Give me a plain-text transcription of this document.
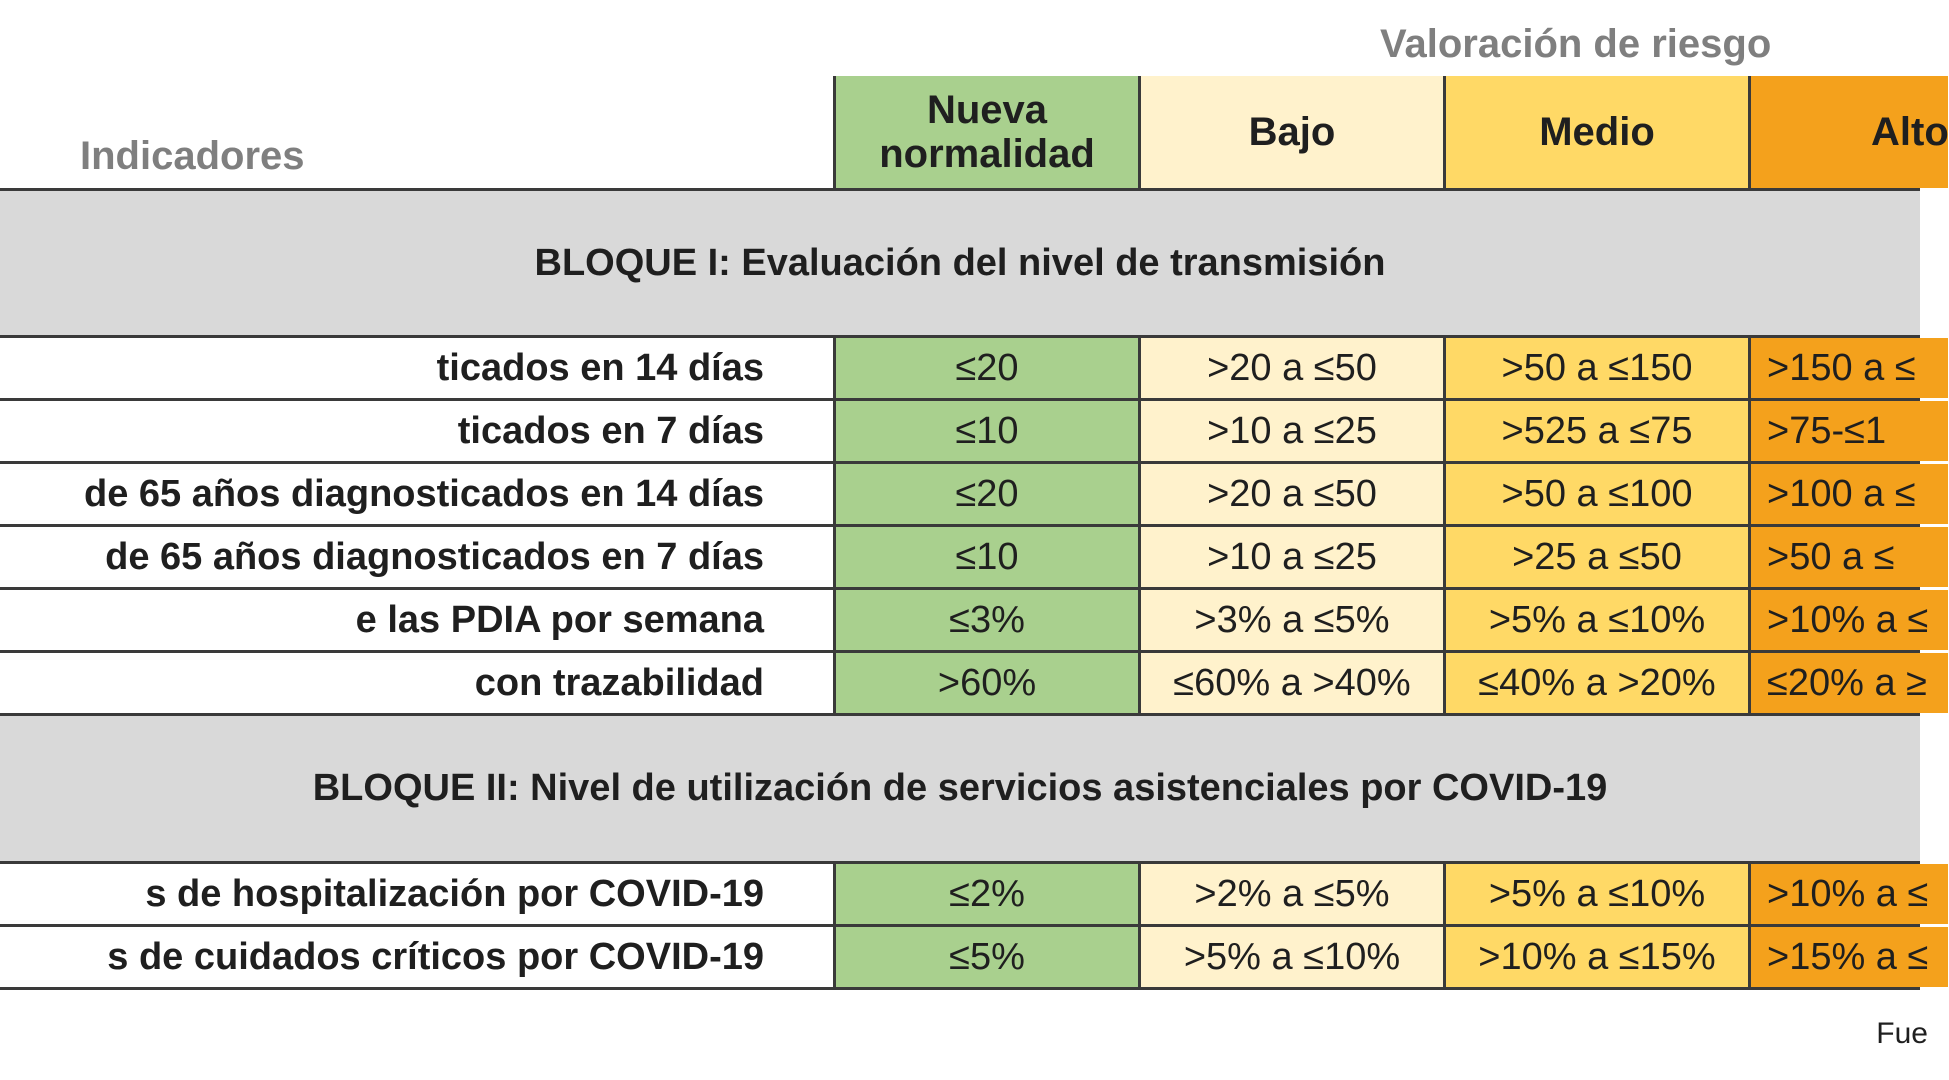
Valoración de riesgo
Indicadores
Nueva
normalidad	Bajo	Medio	Alto
BLOQUE I: Evaluación del nivel de transmisión
ticados en 14 días	≤20	>20 a ≤50	>50 a ≤150	>150 a ≤
ticados en 7 días	≤10	>10 a ≤25	>525 a ≤75	>75-≤1
de 65 años diagnosticados en 14 días	≤20	>20 a ≤50	>50 a ≤100	>100 a ≤
de 65 años diagnosticados en 7 días	≤10	>10 a ≤25	>25 a ≤50	>50 a ≤
e las PDIA por semana	≤3%	>3% a ≤5%	>5% a ≤10%	>10% a ≤
con trazabilidad	>60%	≤60% a >40%	≤40% a >20%	≤20% a ≥
BLOQUE II: Nivel de utilización de servicios asistenciales por COVID-19
s de hospitalización por COVID-19	≤2%	>2% a ≤5%	>5% a ≤10%	>10% a ≤
s de cuidados críticos por COVID-19	≤5%	>5% a ≤10%	>10% a ≤15%	>15% a ≤
Fue
